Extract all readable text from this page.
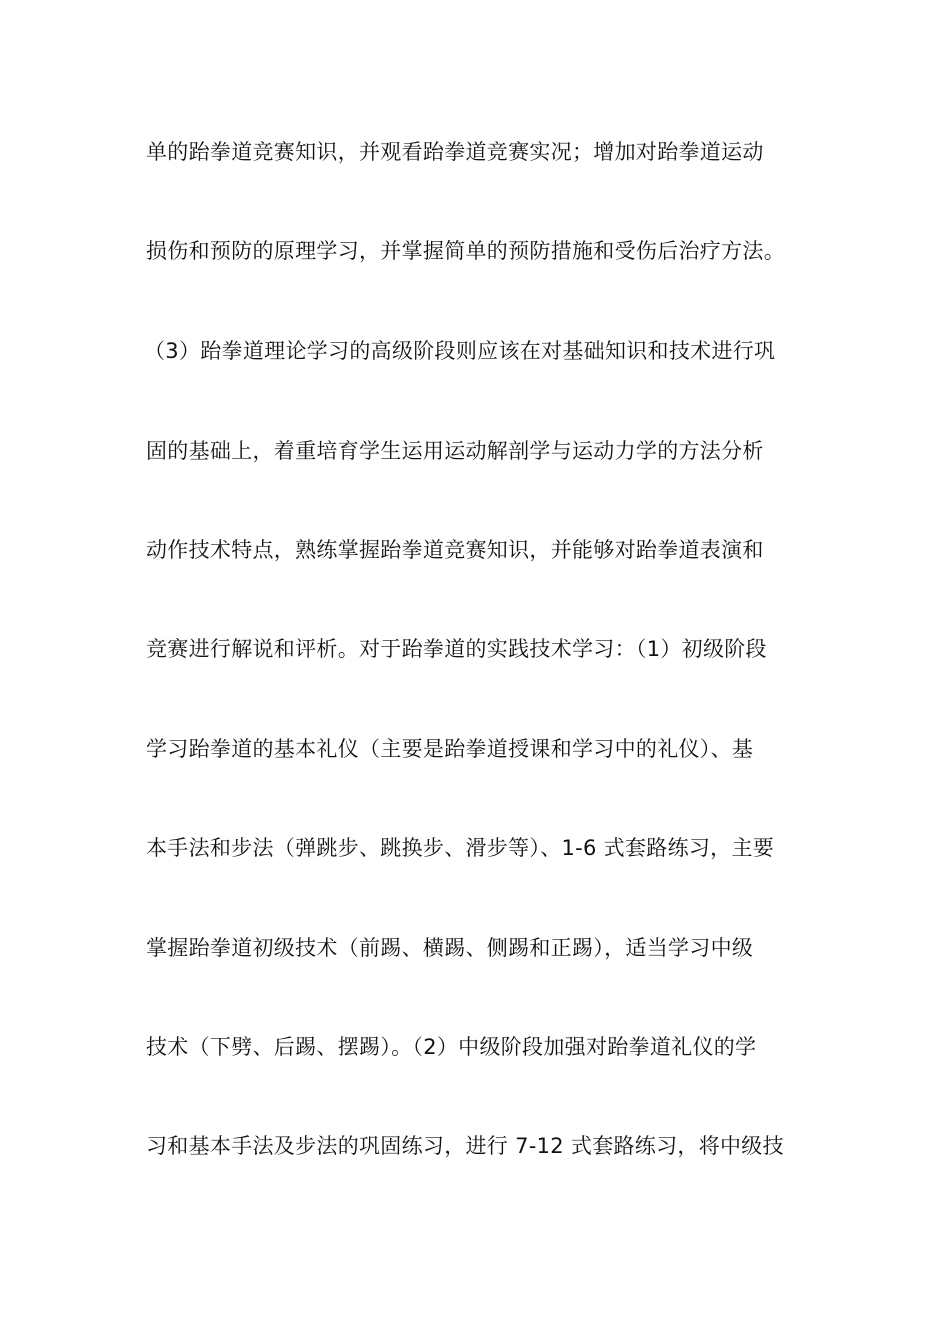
单的跆拳道竞赛知识，并观看跆拳道竞赛实况；增加对跆拳道运动

损伤和预防的原理学习，并掌握简单的预防措施和受伤后治疗方法。

（3）跆拳道理论学习的高级阶段则应该在对基础知识和技术进行巩

固的基础上，着重培育学生运用运动解剖学与运动力学的方法分析

动作技术特点，熟练掌握跆拳道竞赛知识，并能够对跆拳道表演和

竞赛进行解说和评析。对于跆拳道的实践技术学习：（1）初级阶段

学习跆拳道的基本礼仪（主要是跆拳道授课和学习中的礼仪）、基

本手法和步法（弹跳步、跳换步、滑步等）、1-6 式套路练习，主要

掌握跆拳道初级技术（前踢、横踢、侧踢和正踢），适当学习中级

技术（下劈、后踢、摆踢）。（2）中级阶段加强对跆拳道礼仪的学

习和基本手法及步法的巩固练习，进行 7-12 式套路练习，将中级技
